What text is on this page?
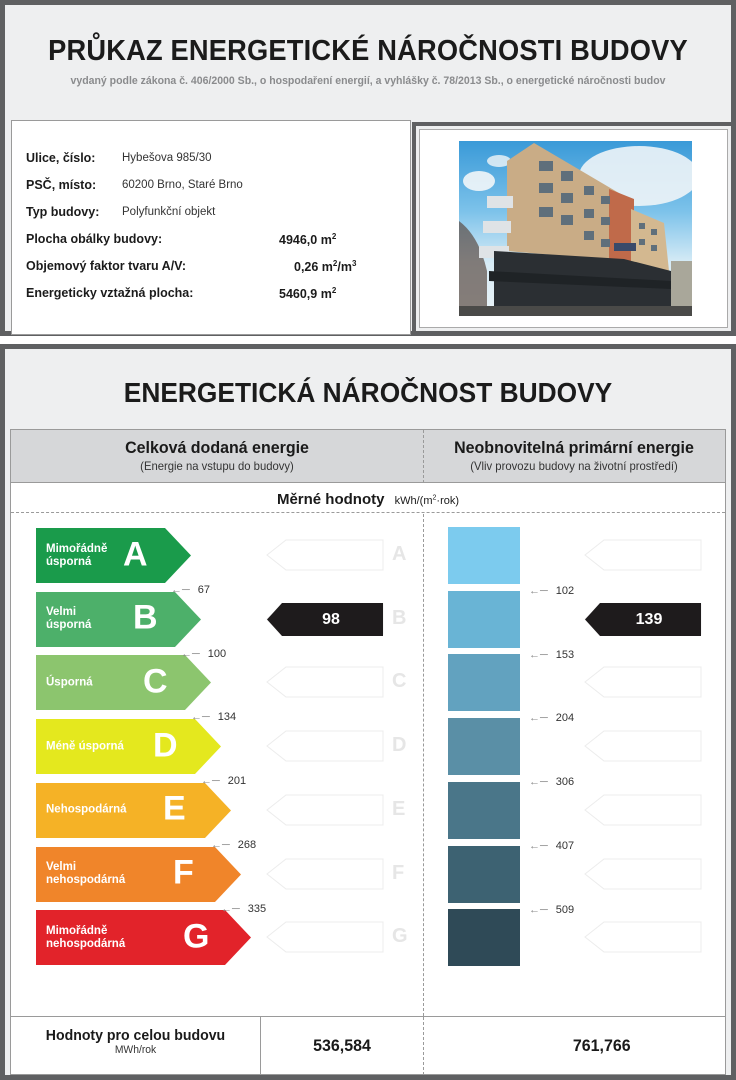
PRŮKAZ ENERGETICKÉ NÁROČNOSTI BUDOVY
vydaný podle zákona č. 406/2000 Sb., o hospodaření energií, a vyhlášky č. 78/2013 Sb., o energetické náročnosti budov
Ulice, číslo: Hybešova 985/30
PSČ, místo: 60200 Brno, Staré Brno
Typ budovy: Polyfunkční objekt
Plocha obálky budovy:	4946,0 $m^2$
Objemový faktor tvaru A/V:	0,26 $m^2/m^3$
Energeticky vztažná plocha:	5460,9 $m^2$
ENERGETICKÁ NÁROČNOST BUDOVY
Celková dodaná energie
(Energie na vstupu do budovy)
Neobnovitelná primární energie
(Vliv provozu budovy na životní prostředí)
Měrné hodnoty kWh/$(m^2\cdot rok)$
Mimořádně
úsporná A	A
Velmi
úsporná B	B
Úsporná C	C
Méně úsporná D	D
Nehospodárná E	E
Velmi
nehospodárná F	F
Mimořádně
nehospodárná G	G
←─ 67
←─ 100
←─ 134
←─ 201
←─ 268
←─ 335
98
←─ 102
←─ 153
←─ 204
←─ 306
←─ 407
←─ 509
139
Hodnoty pro celou budovu
MWh/rok	536,584	761,766
